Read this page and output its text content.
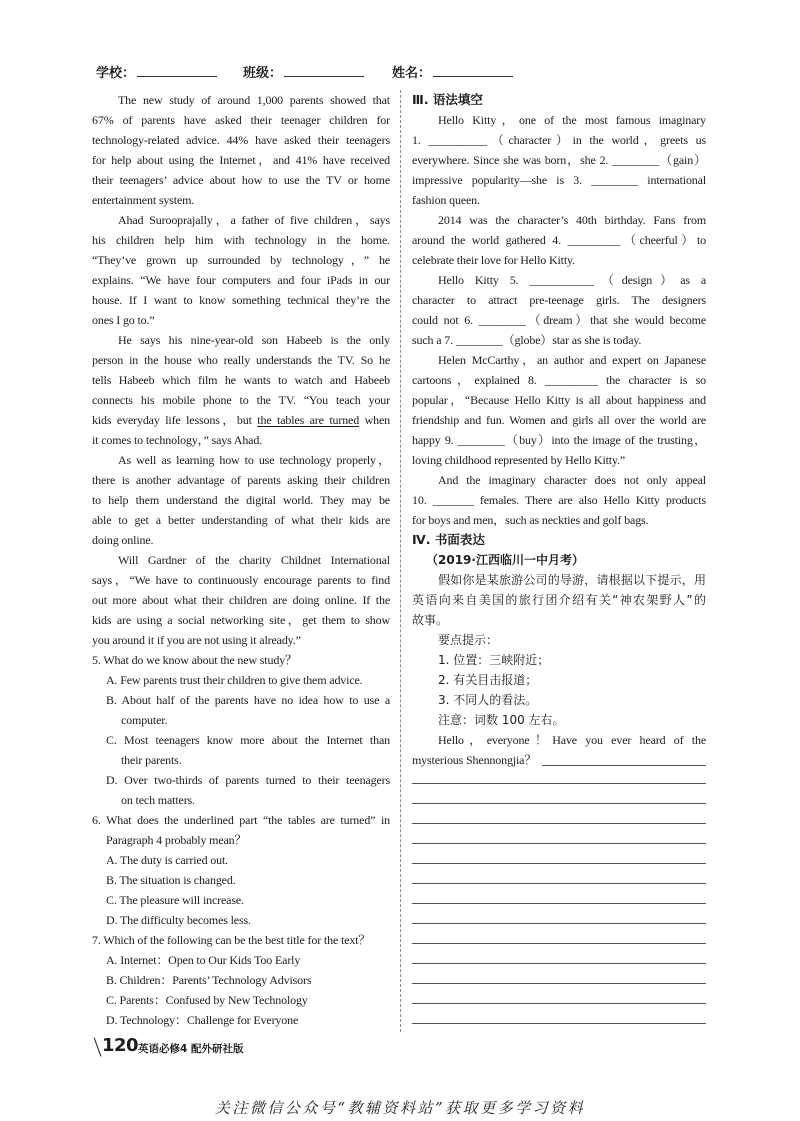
学校：	班级：	姓名：
The new study of around 1,000 parents showed that
67% of parents have asked their teenager children for
technology-related advice. 44% have asked their teenagers
for help about using the Internet，and 41% have received
their teenagers’ advice about how to use the TV or home
entertainment system.
Ahad Surooprajally，a father of five children，says
his children help him with technology in the home.
“They’ve grown up surrounded by technology，” he
explains. “We have four computers and four iPads in our
house. If I want to know something technical they’re the
ones I go to.”
He says his nine-year-old son Habeeb is the only
person in the house who really understands the TV. So he
tells Habeeb which film he wants to watch and Habeeb
connects his mobile phone to the TV. “You teach your
kids everyday life lessons，but the tables are turned when
it comes to technology，” says Ahad.
As well as learning how to use technology properly，
there is another advantage of parents asking their children
to help them understand the digital world. They may be
able to get a better understanding of what their kids are
doing online.
Will Gardner of the charity Childnet International
says，“We have to continuously encourage parents to find
out more about what their children are doing online. If the
kids are using a social networking site，get them to show
you around it if you are not using it already.”
5. What do we know about the new study？
A. Few parents trust their children to give them advice.
B. About half of the parents have no idea how to use a
computer.
C. Most teenagers know more about the Internet than
their parents.
D. Over two-thirds of parents turned to their teenagers
on tech matters.
6. What does the underlined part “the tables are turned” in
Paragraph 4 probably mean？
A. The duty is carried out.
B. The situation is changed.
C. The pleasure will increase.
D. The difficulty becomes less.
7. Which of the following can be the best title for the text？
A. Internet：Open to Our Kids Too Early
B. Children：Parents’ Technology Advisors
C. Parents：Confused by New Technology
D. Technology：Challenge for Everyone
Ⅲ. 语法填空
Hello Kitty，one of the most famous imaginary
1. __________（character）in the world，greets us
everywhere. Since she was born，she 2. ________（gain）
impressive popularity—she is 3. ________ international
fashion queen.
2014 was the character’s 40th birthday. Fans from
around the world gathered 4. _________（cheerful）to
celebrate their love for Hello Kitty.
Hello Kitty 5. ___________（design）as a
character to attract pre-teenage girls. The designers
could not 6. ________（dream）that she would become
such a 7. ________（globe）star as she is today.
Helen McCarthy，an author and expert on Japanese
cartoons，explained 8. _________ the character is so
popular，“Because Hello Kitty is all about happiness and
friendship and fun. Women and girls all over the world are
happy 9. ________（buy）into the image of the trusting，
loving childhood represented by Hello Kitty.”
And the imaginary character does not only appeal
10. _______ females. There are also Hello Kitty products
for boys and men，such as neckties and golf bags.
Ⅳ. 书面表达
（2019·江西临川一中月考）
假如你是某旅游公司的导游，请根据以下提示，用
英语向来自美国的旅行团介绍有关“神农架野人”的
故事。
要点提示：
1. 位置：三峡附近；
2. 有关目击报道；
3. 不同人的看法。
注意：词数 100 左右。
Hello，everyone！Have you ever heard of the
mysterious Shennongjia？
120 英语必修4 配外研社版
关注微信公众号“教辅资料站”获取更多学习资料
